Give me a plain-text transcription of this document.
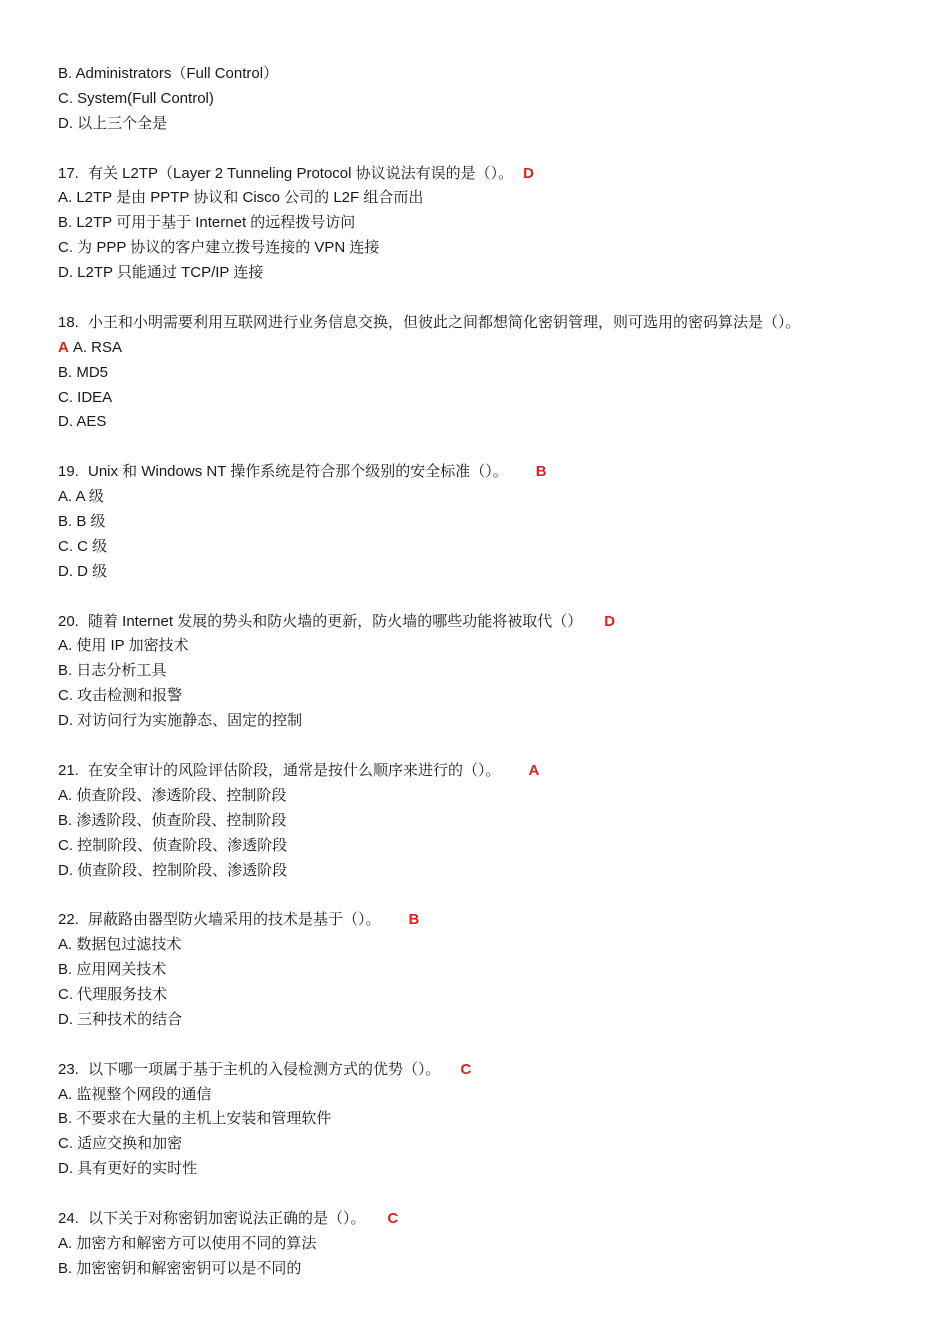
B. Administrators（Full Control）
C. System(Full Control)
D. 以上三个全是
17. 有关 L2TP（Layer 2 Tunneling Protocol 协议说法有误的是（）。 D
A. L2TP 是由 PPTP 协议和 Cisco 公司的 L2F 组合而出
B. L2TP 可用于基于 Internet 的远程拨号访问
C. 为 PPP 协议的客户建立拨号连接的 VPN 连接
D. L2TP 只能通过 TCP/IP 连接
18. 小王和小明需要利用互联网进行业务信息交换，但彼此之间都想简化密钥管理，则可选用的密码算法是（）。
A A. RSA
B. MD5
C. IDEA
D. AES
19. Unix 和 Windows NT 操作系统是符合那个级别的安全标准（）。 B
A. A 级
B. B 级
C. C 级
D. D 级
20. 随着 Internet 发展的势头和防火墙的更新，防火墙的哪些功能将被取代（） D
A. 使用 IP 加密技术
B. 日志分析工具
C. 攻击检测和报警
D. 对访问行为实施静态、固定的控制
21. 在安全审计的风险评估阶段，通常是按什么顺序来进行的（）。 A
A. 侦查阶段、渗透阶段、控制阶段
B. 渗透阶段、侦查阶段、控制阶段
C. 控制阶段、侦查阶段、渗透阶段
D. 侦查阶段、控制阶段、渗透阶段
22. 屏蔽路由器型防火墙采用的技术是基于（）。 B
A. 数据包过滤技术
B. 应用网关技术
C. 代理服务技术
D. 三种技术的结合
23. 以下哪一项属于基于主机的入侵检测方式的优势（）。 C
A. 监视整个网段的通信
B. 不要求在大量的主机上安装和管理软件
C. 适应交换和加密
D. 具有更好的实时性
24. 以下关于对称密钥加密说法正确的是（）。 C
A. 加密方和解密方可以使用不同的算法
B. 加密密钥和解密密钥可以是不同的
